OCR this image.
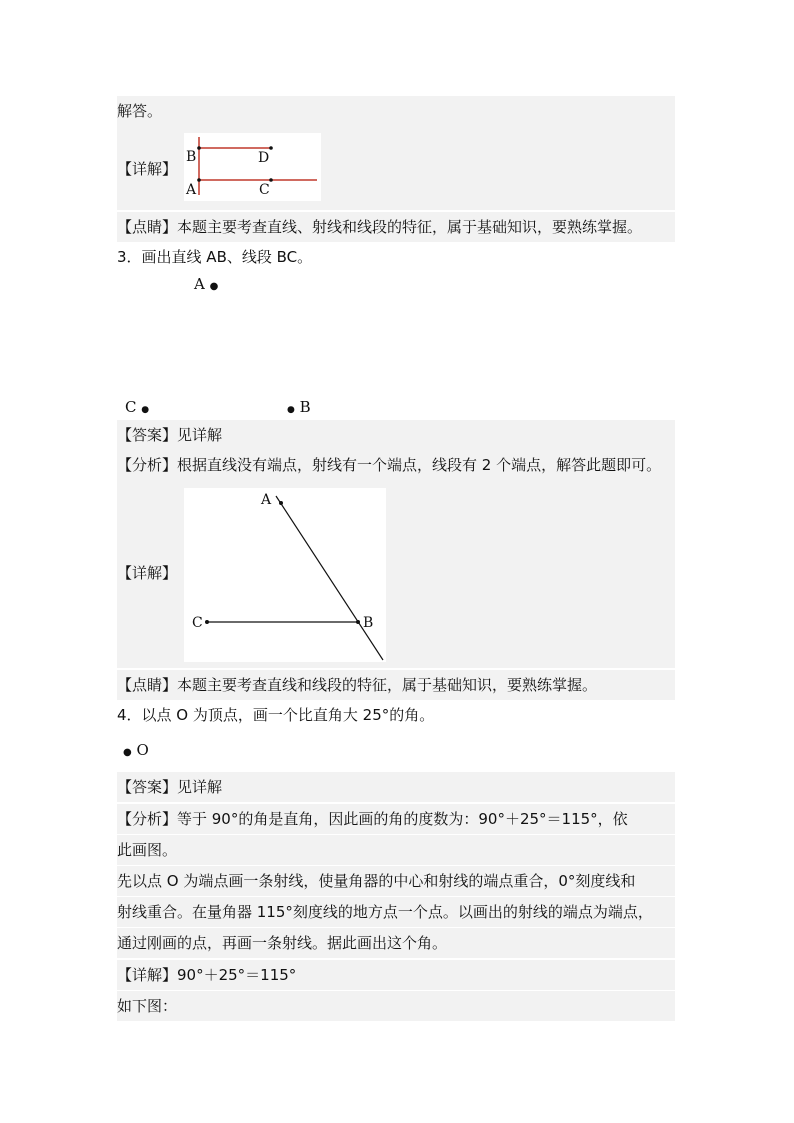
解答。
【详解】
B	D
A	C
【点睛】本题主要考查直线、射线和线段的特征，属于基础知识，要熟练掌握。
3．画出直线 AB、线段 BC。
A ●
C ●	● B
【答案】见详解
【分析】根据直线没有端点，射线有一个端点，线段有 2 个端点，解答此题即可。
【详解】
A
C	B
【点睛】本题主要考查直线和线段的特征，属于基础知识，要熟练掌握。
4．以点 O 为顶点，画一个比直角大 25°的角。
● O
【答案】见详解
【分析】等于 90°的角是直角，因此画的角的度数为：90°＋25°＝115°，依
此画图。
先以点 O 为端点画一条射线，使量角器的中心和射线的端点重合，0°刻度线和
射线重合。在量角器 115°刻度线的地方点一个点。以画出的射线的端点为端点，
通过刚画的点，再画一条射线。据此画出这个角。
【详解】90°＋25°＝115°
如下图：
